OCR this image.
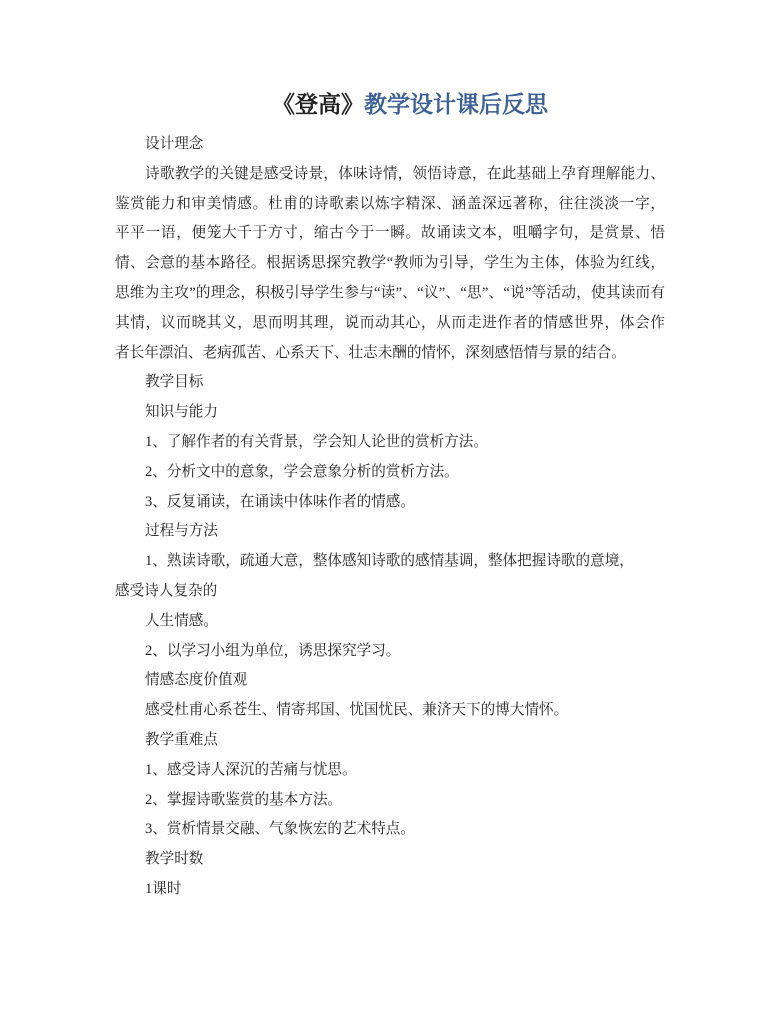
《登高》教学设计课后反思
设计理念
诗歌教学的关键是感受诗景，体味诗情，领悟诗意，在此基础上孕育理解能力、
鉴赏能力和审美情感。杜甫的诗歌素以炼字精深、涵盖深远著称，往往淡淡一字，
平平一语，便笼大千于方寸，缩古今于一瞬。故诵读文本，咀嚼字句，是赏景、悟
情、会意的基本路径。根据诱思探究教学“教师为引导，学生为主体，体验为红线，
思维为主攻”的理念，积极引导学生参与“读”、“议”、“思”、“说”等活动，使其读而有
其情，议而晓其义，思而明其理，说而动其心，从而走进作者的情感世界，体会作
者长年漂泊、老病孤苦、心系天下、壮志未酬的情怀，深刻感悟情与景的结合。
教学目标
知识与能力
1、了解作者的有关背景，学会知人论世的赏析方法。
2、分析文中的意象，学会意象分析的赏析方法。
3、反复诵读，在诵读中体味作者的情感。
过程与方法
1、熟读诗歌，疏通大意，整体感知诗歌的感情基调，整体把握诗歌的意境，
感受诗人复杂的
人生情感。
2、以学习小组为单位，诱思探究学习。
情感态度价值观
感受杜甫心系苍生、情寄邦国、忧国忧民、兼济天下的博大情怀。
教学重难点
1、感受诗人深沉的苦痛与忧思。
2、掌握诗歌鉴赏的基本方法。
3、赏析情景交融、气象恢宏的艺术特点。
教学时数
1课时
